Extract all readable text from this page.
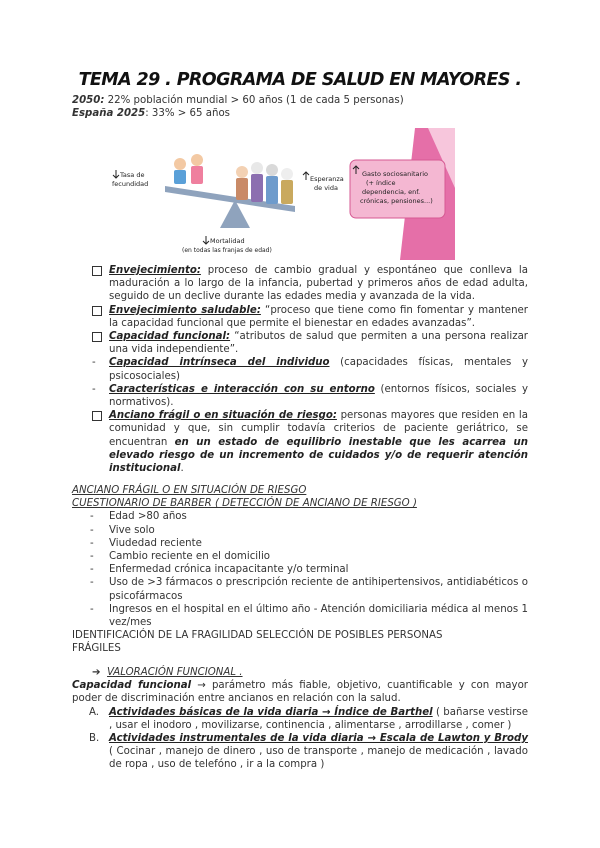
TEMA 29 . PROGRAMA DE SALUD EN MAYORES .
2050: 22% población mundial > 60 años (1 de cada 5 personas)
España 2025: 33% > 65 años
Gasto sociosanitario
(+ índice
dependencia, enf.
crónicas, pensiones...)
Tasa de
fecundidad
Esperanza
de vida
Mortalidad
(en todas las franjas de edad)
Envejecimiento: proceso de cambio gradual y espontáneo que conlleva la maduración a lo largo de la infancia, pubertad y primeros años de edad adulta, seguido de un declive durante las edades media y avanzada de la vida.
Envejecimiento saludable: “proceso que tiene como fin fomentar y mantener la capacidad funcional que permite el bienestar en edades avanzadas”.
Capacidad funcional: “atributos de salud que permiten a una persona realizar una vida independiente”.
- Capacidad intrínseca del individuo (capacidades físicas, mentales y psicosociales)
- Características e interacción con su entorno (entornos físicos, sociales y normativos).
Anciano frágil o en situación de riesgo: personas mayores que residen en la comunidad y que, sin cumplir todavía criterios de paciente geriátrico, se encuentran en un estado de equilibrio inestable que les acarrea un elevado riesgo de un incremento de cuidados y/o de requerir atención institucional.
ANCIANO FRÁGIL O EN SITUACIÓN DE RIESGO
CUESTIONARIO DE BARBER ( DETECCIÓN DE ANCIANO DE RIESGO )
- Edad >80 años
- Vive solo
- Viudedad reciente
- Cambio reciente en el domicilio
- Enfermedad crónica incapacitante y/o terminal
- Uso de >3 fármacos o prescripción reciente de antihipertensivos, antidiabéticos o psicofármacos
- Ingresos en el hospital en el último año - Atención domiciliaria médica al menos 1 vez/mes
IDENTIFICACIÓN DE LA FRAGILIDAD SELECCIÓN DE POSIBLES PERSONAS FRÁGILES
➔ VALORACIÓN FUNCIONAL .
Capacidad funcional → parámetro más fiable, objetivo, cuantificable y con mayor poder de discriminación entre ancianos en relación con la salud.
A. Actividades básicas de la vida diaria → Índice de Barthel ( bañarse vestirse , usar el inodoro , movilizarse, continencia , alimentarse , arrodillarse , comer )
B. Actividades instrumentales de la vida diaria → Escala de Lawton y Brody ( Cocinar , manejo de dinero , uso de transporte , manejo de medicación , lavado de ropa , uso de telefóno , ir a la compra )
